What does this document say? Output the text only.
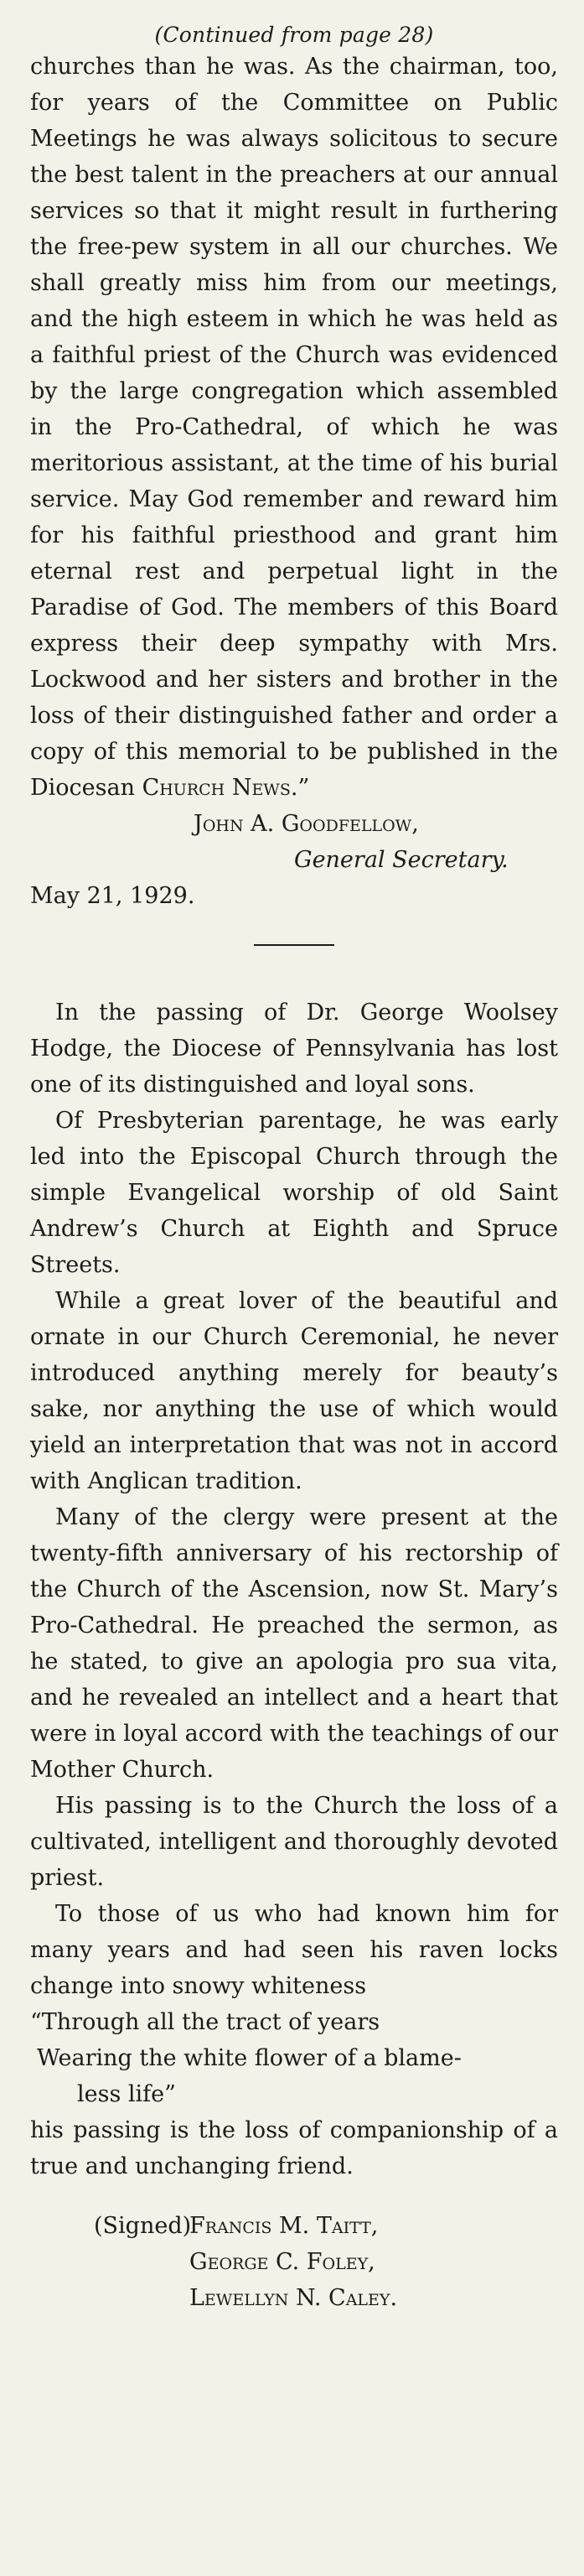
(Continued from page 28)

churches than he was. As the chairman, too, for years of the Committee on Public Meetings he was always solicitous to secure the best talent in the preachers at our annual services so that it might result in furthering the free-pew system in all our churches. We shall greatly miss him from our meetings, and the high esteem in which he was held as a faithful priest of the Church was evidenced by the large congregation which assembled in the Pro-Cathedral, of which he was meritorious assistant, at the time of his burial service. May God remember and reward him for his faithful priesthood and grant him eternal rest and perpetual light in the Paradise of God. The members of this Board express their deep sympathy with Mrs. Lockwood and her sisters and brother in the loss of their distinguished father and order a copy of this memorial to be published in the Diocesan Church News.”

John A. Goodfellow,

General Secretary.

May 21, 1929.

In the passing of Dr. George Woolsey Hodge, the Diocese of Pennsylvania has lost one of its distinguished and loyal sons.

Of Presbyterian parentage, he was early led into the Episcopal Church through the simple Evangelical worship of old Saint Andrew’s Church at Eighth and Spruce Streets.

While a great lover of the beautiful and ornate in our Church Ceremonial, he never introduced anything merely for beauty’s sake, nor anything the use of which would yield an interpretation that was not in accord with Anglican tradition.

Many of the clergy were present at the twenty-fifth anniversary of his rectorship of the Church of the Ascension, now St. Mary’s Pro-Cathedral. He preached the sermon, as he stated, to give an apologia pro sua vita, and he revealed an intellect and a heart that were in loyal accord with the teachings of our Mother Church.

His passing is to the Church the loss of a cultivated, intelligent and thoroughly devoted priest.

To those of us who had known him for many years and had seen his raven locks change into snowy whiteness

“Through all the tract of years

Wearing the white flower of a blame-

less life”

his passing is the loss of companionship of a true and unchanging friend.

(Signed)
Francis M. Taitt,
George C. Foley,
Lewellyn N. Caley.
